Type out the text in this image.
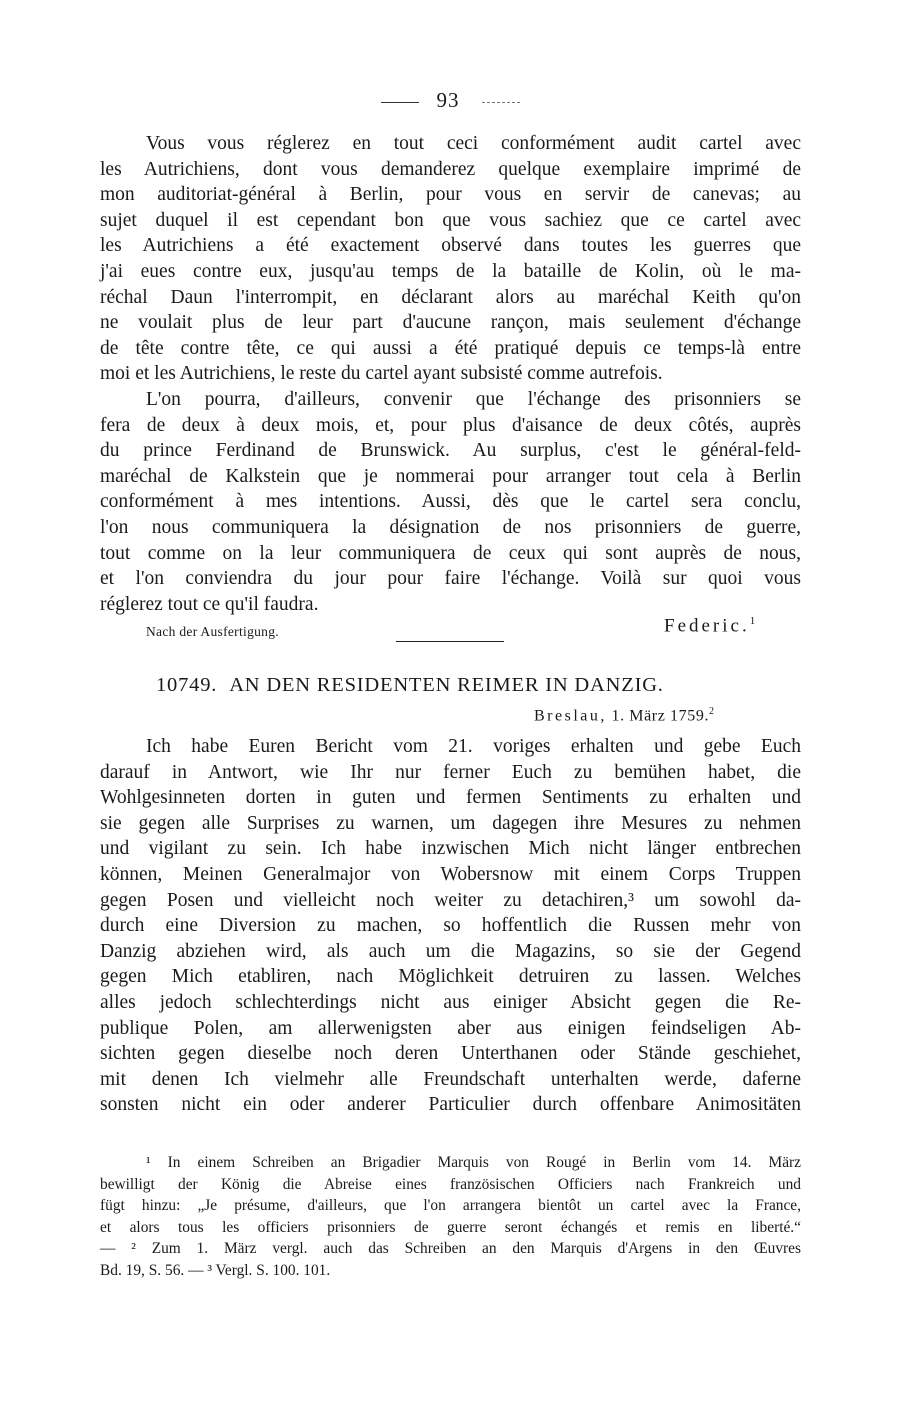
93
Vous vous réglerez en tout ceci conformément audit cartel avec
les Autrichiens, dont vous demanderez quelque exemplaire imprimé de
mon auditoriat-général à Berlin, pour vous en servir de canevas; au
sujet duquel il est cependant bon que vous sachiez que ce cartel avec
les Autrichiens a été exactement observé dans toutes les guerres que
j'ai eues contre eux, jusqu'au temps de la bataille de Kolin, où le ma-
réchal Daun l'interrompit, en déclarant alors au maréchal Keith qu'on
ne voulait plus de leur part d'aucune rançon, mais seulement d'échange
de tête contre tête, ce qui aussi a été pratiqué depuis ce temps-là entre
moi et les Autrichiens, le reste du cartel ayant subsisté comme autrefois.
L'on pourra, d'ailleurs, convenir que l'échange des prisonniers se
fera de deux à deux mois, et, pour plus d'aisance de deux côtés, auprès
du prince Ferdinand de Brunswick. Au surplus, c'est le général-feld-
maréchal de Kalkstein que je nommerai pour arranger tout cela à Berlin
conformément à mes intentions. Aussi, dès que le cartel sera conclu,
l'on nous communiquera la désignation de nos prisonniers de guerre,
tout comme on la leur communiquera de ceux qui sont auprès de nous,
et l'on conviendra du jour pour faire l'échange. Voilà sur quoi vous
réglerez tout ce qu'il faudra.
Nach der Ausfertigung.	Federic.$^1$
10749. AN DEN RESIDENTEN REIMER IN DANZIG.
Breslau, 1. März 1759.$^2$
Ich habe Euren Bericht vom 21. voriges erhalten und gebe Euch
darauf in Antwort, wie Ihr nur ferner Euch zu bemühen habet, die
Wohlgesinneten dorten in guten und fermen Sentiments zu erhalten und
sie gegen alle Surprises zu warnen, um dagegen ihre Mesures zu nehmen
und vigilant zu sein. Ich habe inzwischen Mich nicht länger entbrechen
können, Meinen Generalmajor von Wobersnow mit einem Corps Truppen
gegen Posen und vielleicht noch weiter zu detachiren,³ um sowohl da-
durch eine Diversion zu machen, so hoffentlich die Russen mehr von
Danzig abziehen wird, als auch um die Magazins, so sie der Gegend
gegen Mich etabliren, nach Möglichkeit detruiren zu lassen. Welches
alles jedoch schlechterdings nicht aus einiger Absicht gegen die Re-
publique Polen, am allerwenigsten aber aus einigen feindseligen Ab-
sichten gegen dieselbe noch deren Unterthanen oder Stände geschiehet,
mit denen Ich vielmehr alle Freundschaft unterhalten werde, daferne
sonsten nicht ein oder anderer Particulier durch offenbare Animositäten
¹ In einem Schreiben an Brigadier Marquis von Rougé in Berlin vom 14. März
bewilligt der König die Abreise eines französischen Officiers nach Frankreich und
fügt hinzu: „Je présume, d'ailleurs, que l'on arrangera bientôt un cartel avec la France,
et alors tous les officiers prisonniers de guerre seront échangés et remis en liberté.“
— ² Zum 1. März vergl. auch das Schreiben an den Marquis d'Argens in den Œuvres
Bd. 19, S. 56. — ³ Vergl. S. 100. 101.
